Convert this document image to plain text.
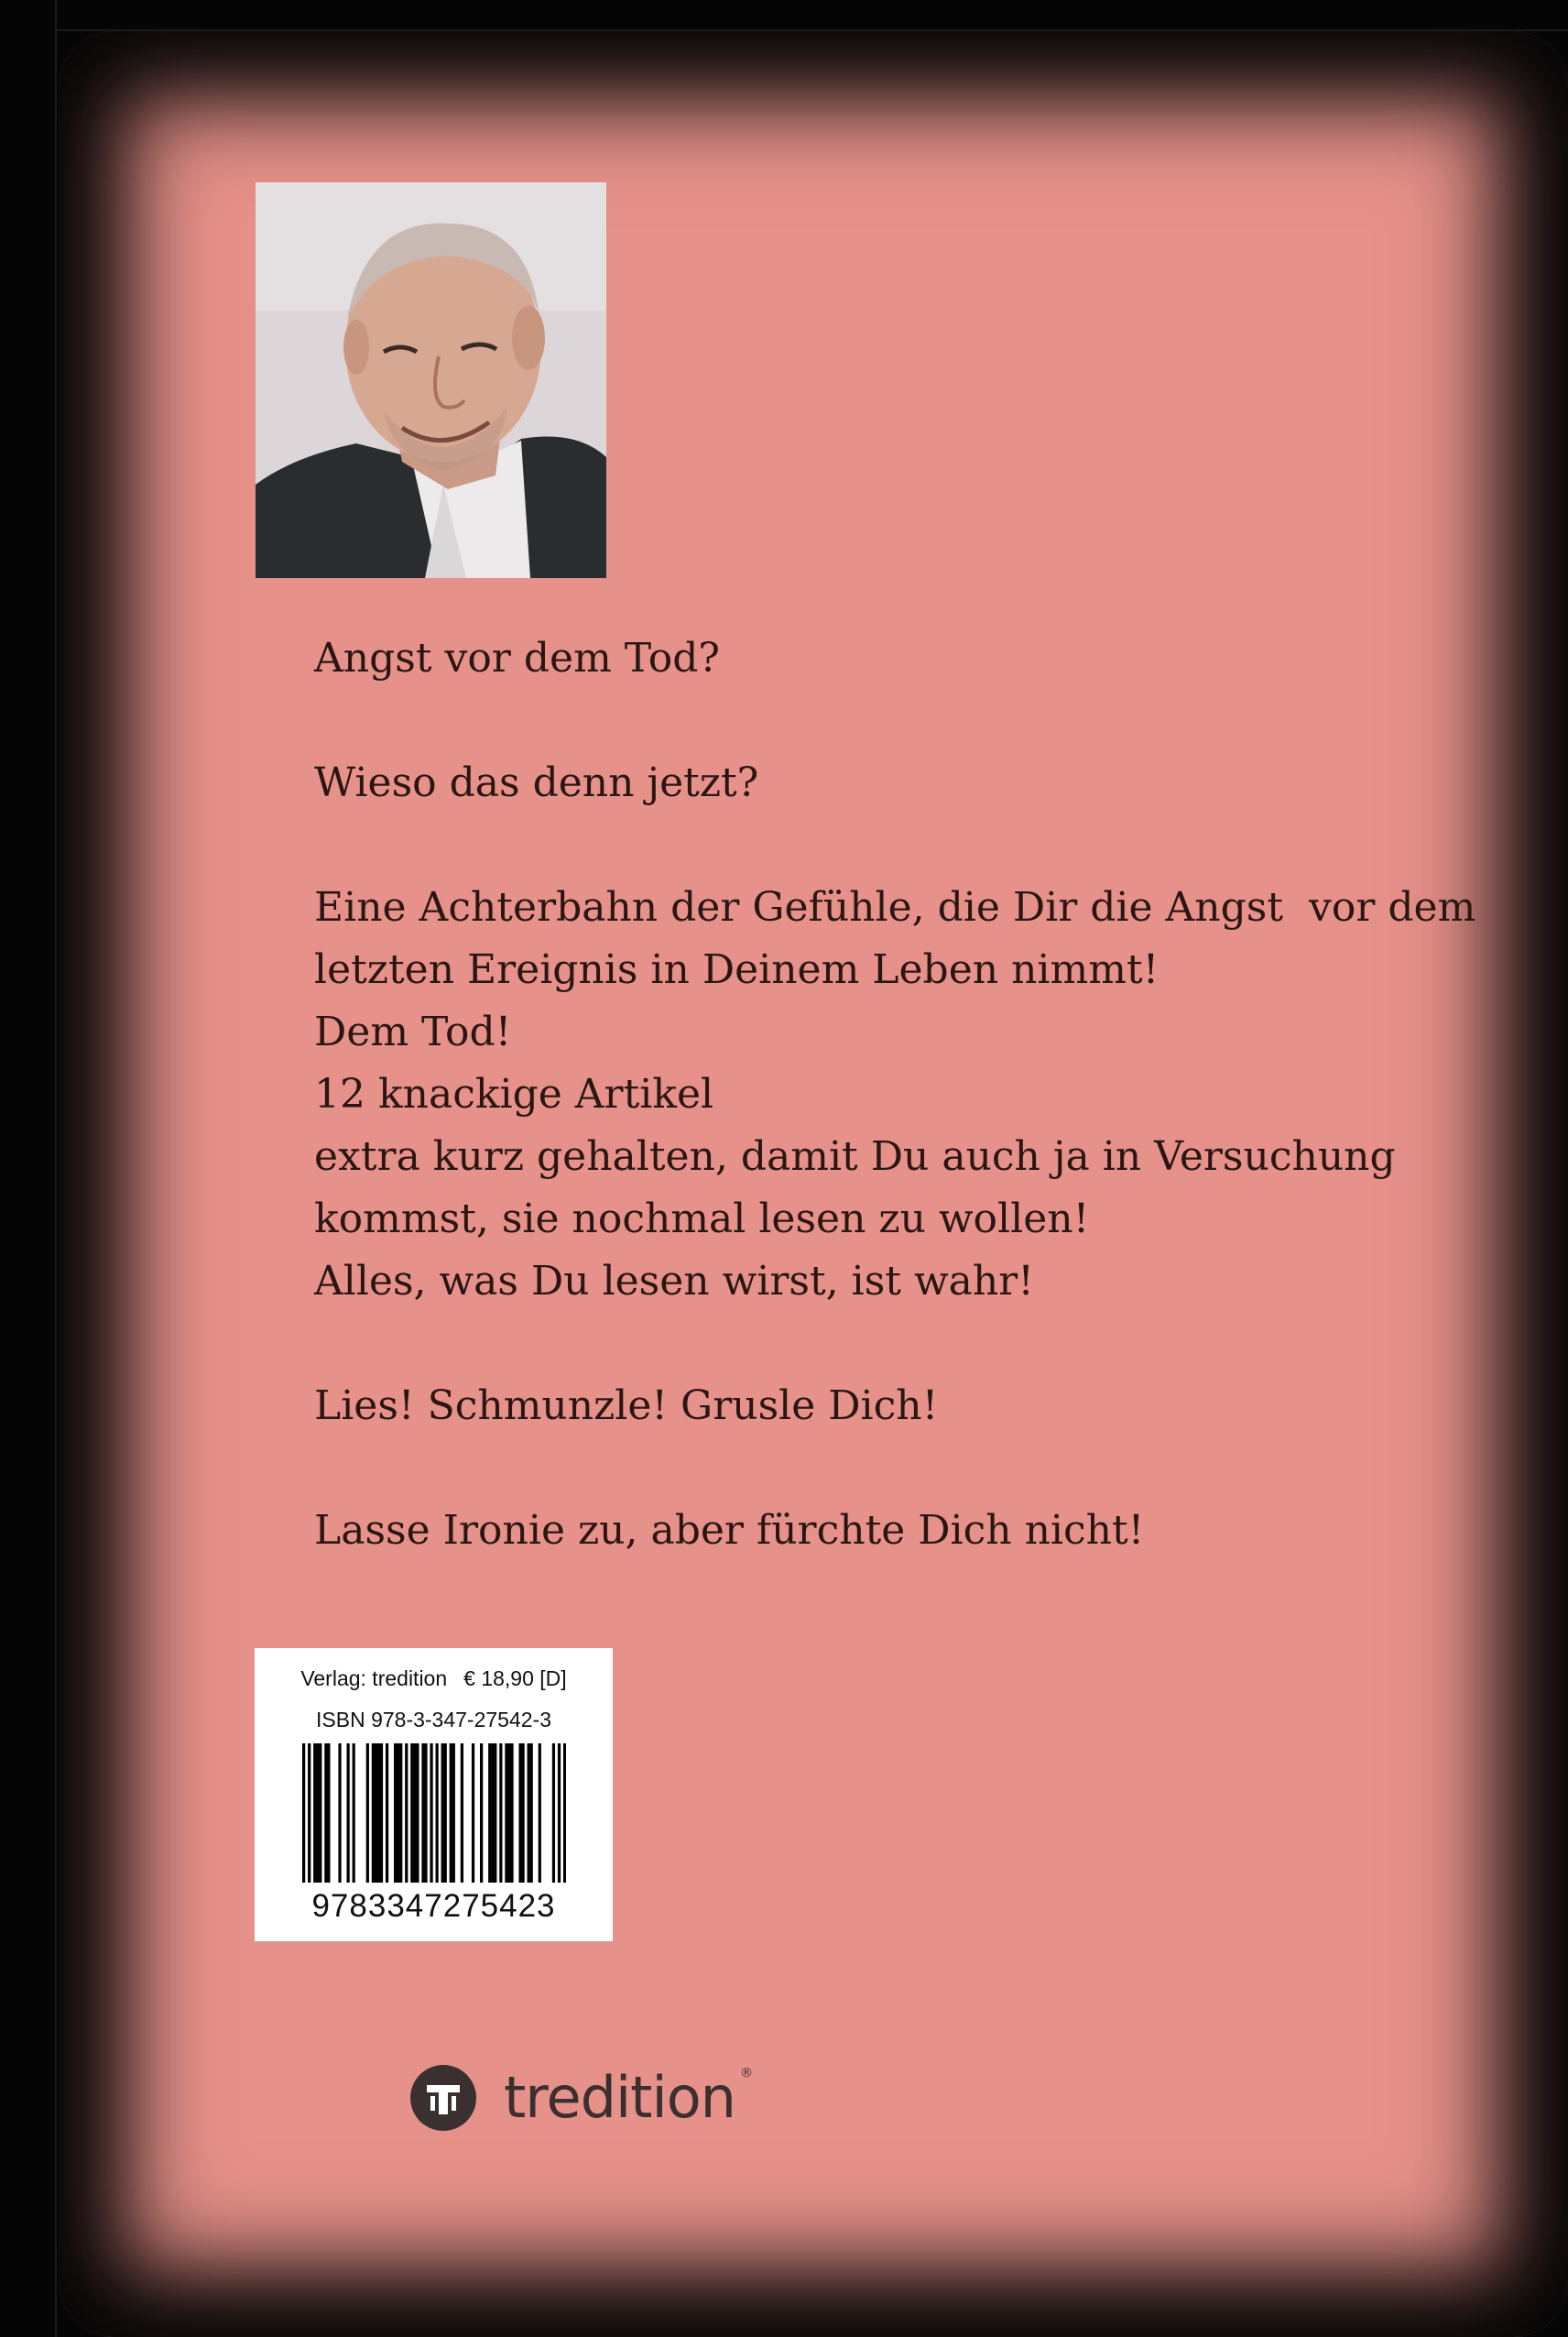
Angst vor dem Tod?

Wieso das denn jetzt?

Eine Achterbahn der Gefühle, die Dir die Angst  vor dem

letzten Ereignis in Deinem Leben nimmt!

Dem Tod!

12 knackige Artikel

extra kurz gehalten, damit Du auch ja in Versuchung

kommst, sie nochmal lesen zu wollen!

Alles, was Du lesen wirst, ist wahr!

Lies! Schmunzle! Grusle Dich!

Lasse Ironie zu, aber fürchte Dich nicht!

Verlag: tredition € 18,90 [D]
ISBN 978-3-347-27542-3
9783347275423
tredition ®
